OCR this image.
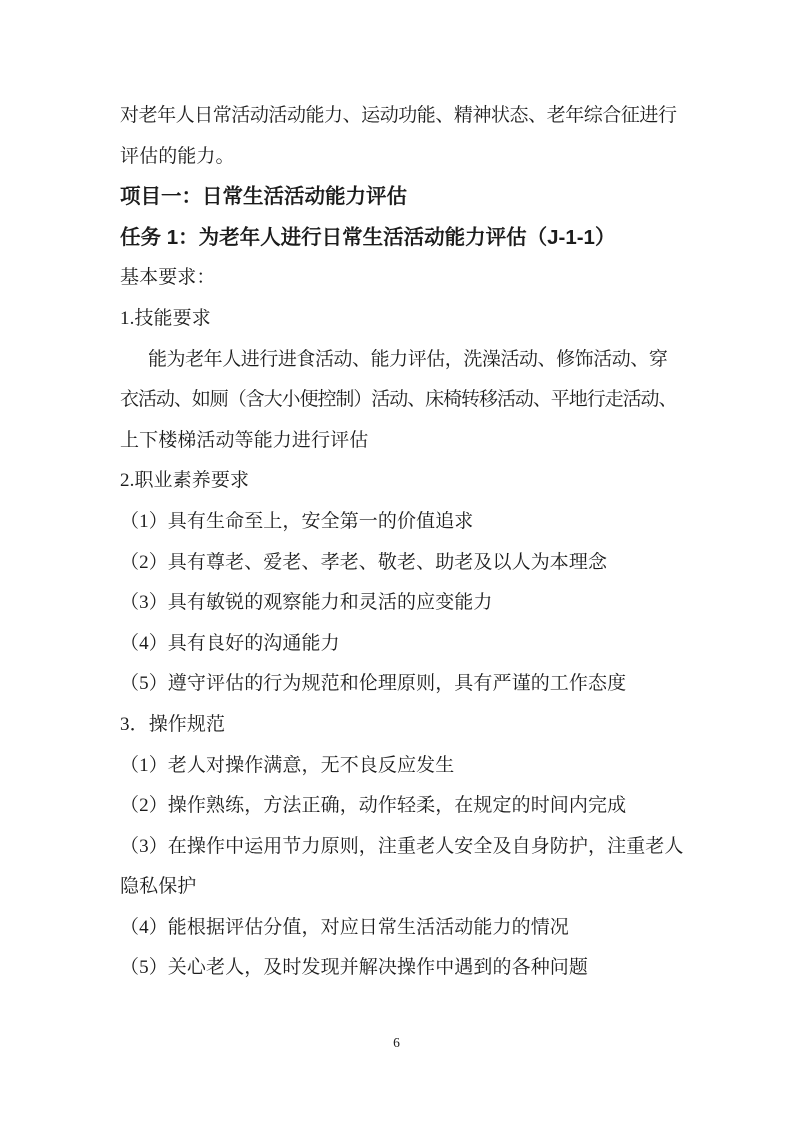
对老年人日常活动活动能力、运动功能、精神状态、老年综合征进行
评估的能力。
项目一：日常生活活动能力评估
任务 1：为老年人进行日常生活活动能力评估（J-1-1）
基本要求：
1.技能要求
能为老年人进行进食活动、能力评估，洗澡活动、修饰活动、穿
衣活动、如厕（含大小便控制）活动、床椅转移活动、平地行走活动、
上下楼梯活动等能力进行评估
2.职业素养要求
（1）具有生命至上，安全第一的价值追求
（2）具有尊老、爱老、孝老、敬老、助老及以人为本理念
（3）具有敏锐的观察能力和灵活的应变能力
（4）具有良好的沟通能力
（5）遵守评估的行为规范和伦理原则，具有严谨的工作态度
3．操作规范
（1）老人对操作满意，无不良反应发生
（2）操作熟练，方法正确，动作轻柔，在规定的时间内完成
（3）在操作中运用节力原则，注重老人安全及自身防护，注重老人
隐私保护
（4）能根据评估分值，对应日常生活活动能力的情况
（5）关心老人，及时发现并解决操作中遇到的各种问题
6
